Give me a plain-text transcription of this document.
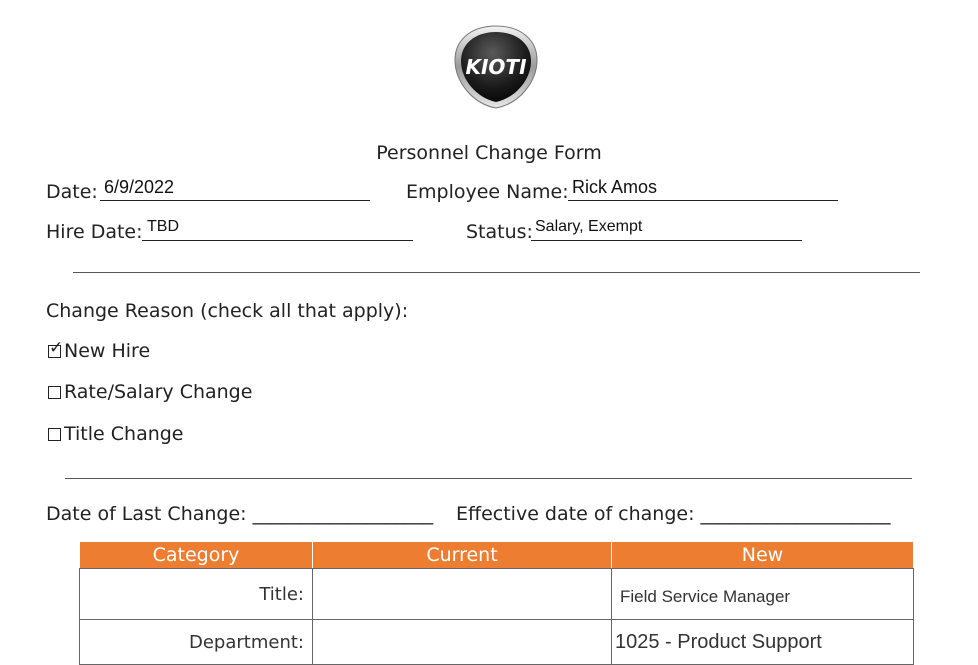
KIOTI
Personnel Change Form
Date: 6/9/2022	Employee Name: Rick Amos
Hire Date: TBD	Status: Salary, Exempt
Change Reason (check all that apply):
✓ New Hire
Rate/Salary Change
Title Change
Date of Last Change: ___________________ Effective date of change: ____________________
Category	Current	New
Title:		Field Service Manager
Department:		1025 - Product Support
